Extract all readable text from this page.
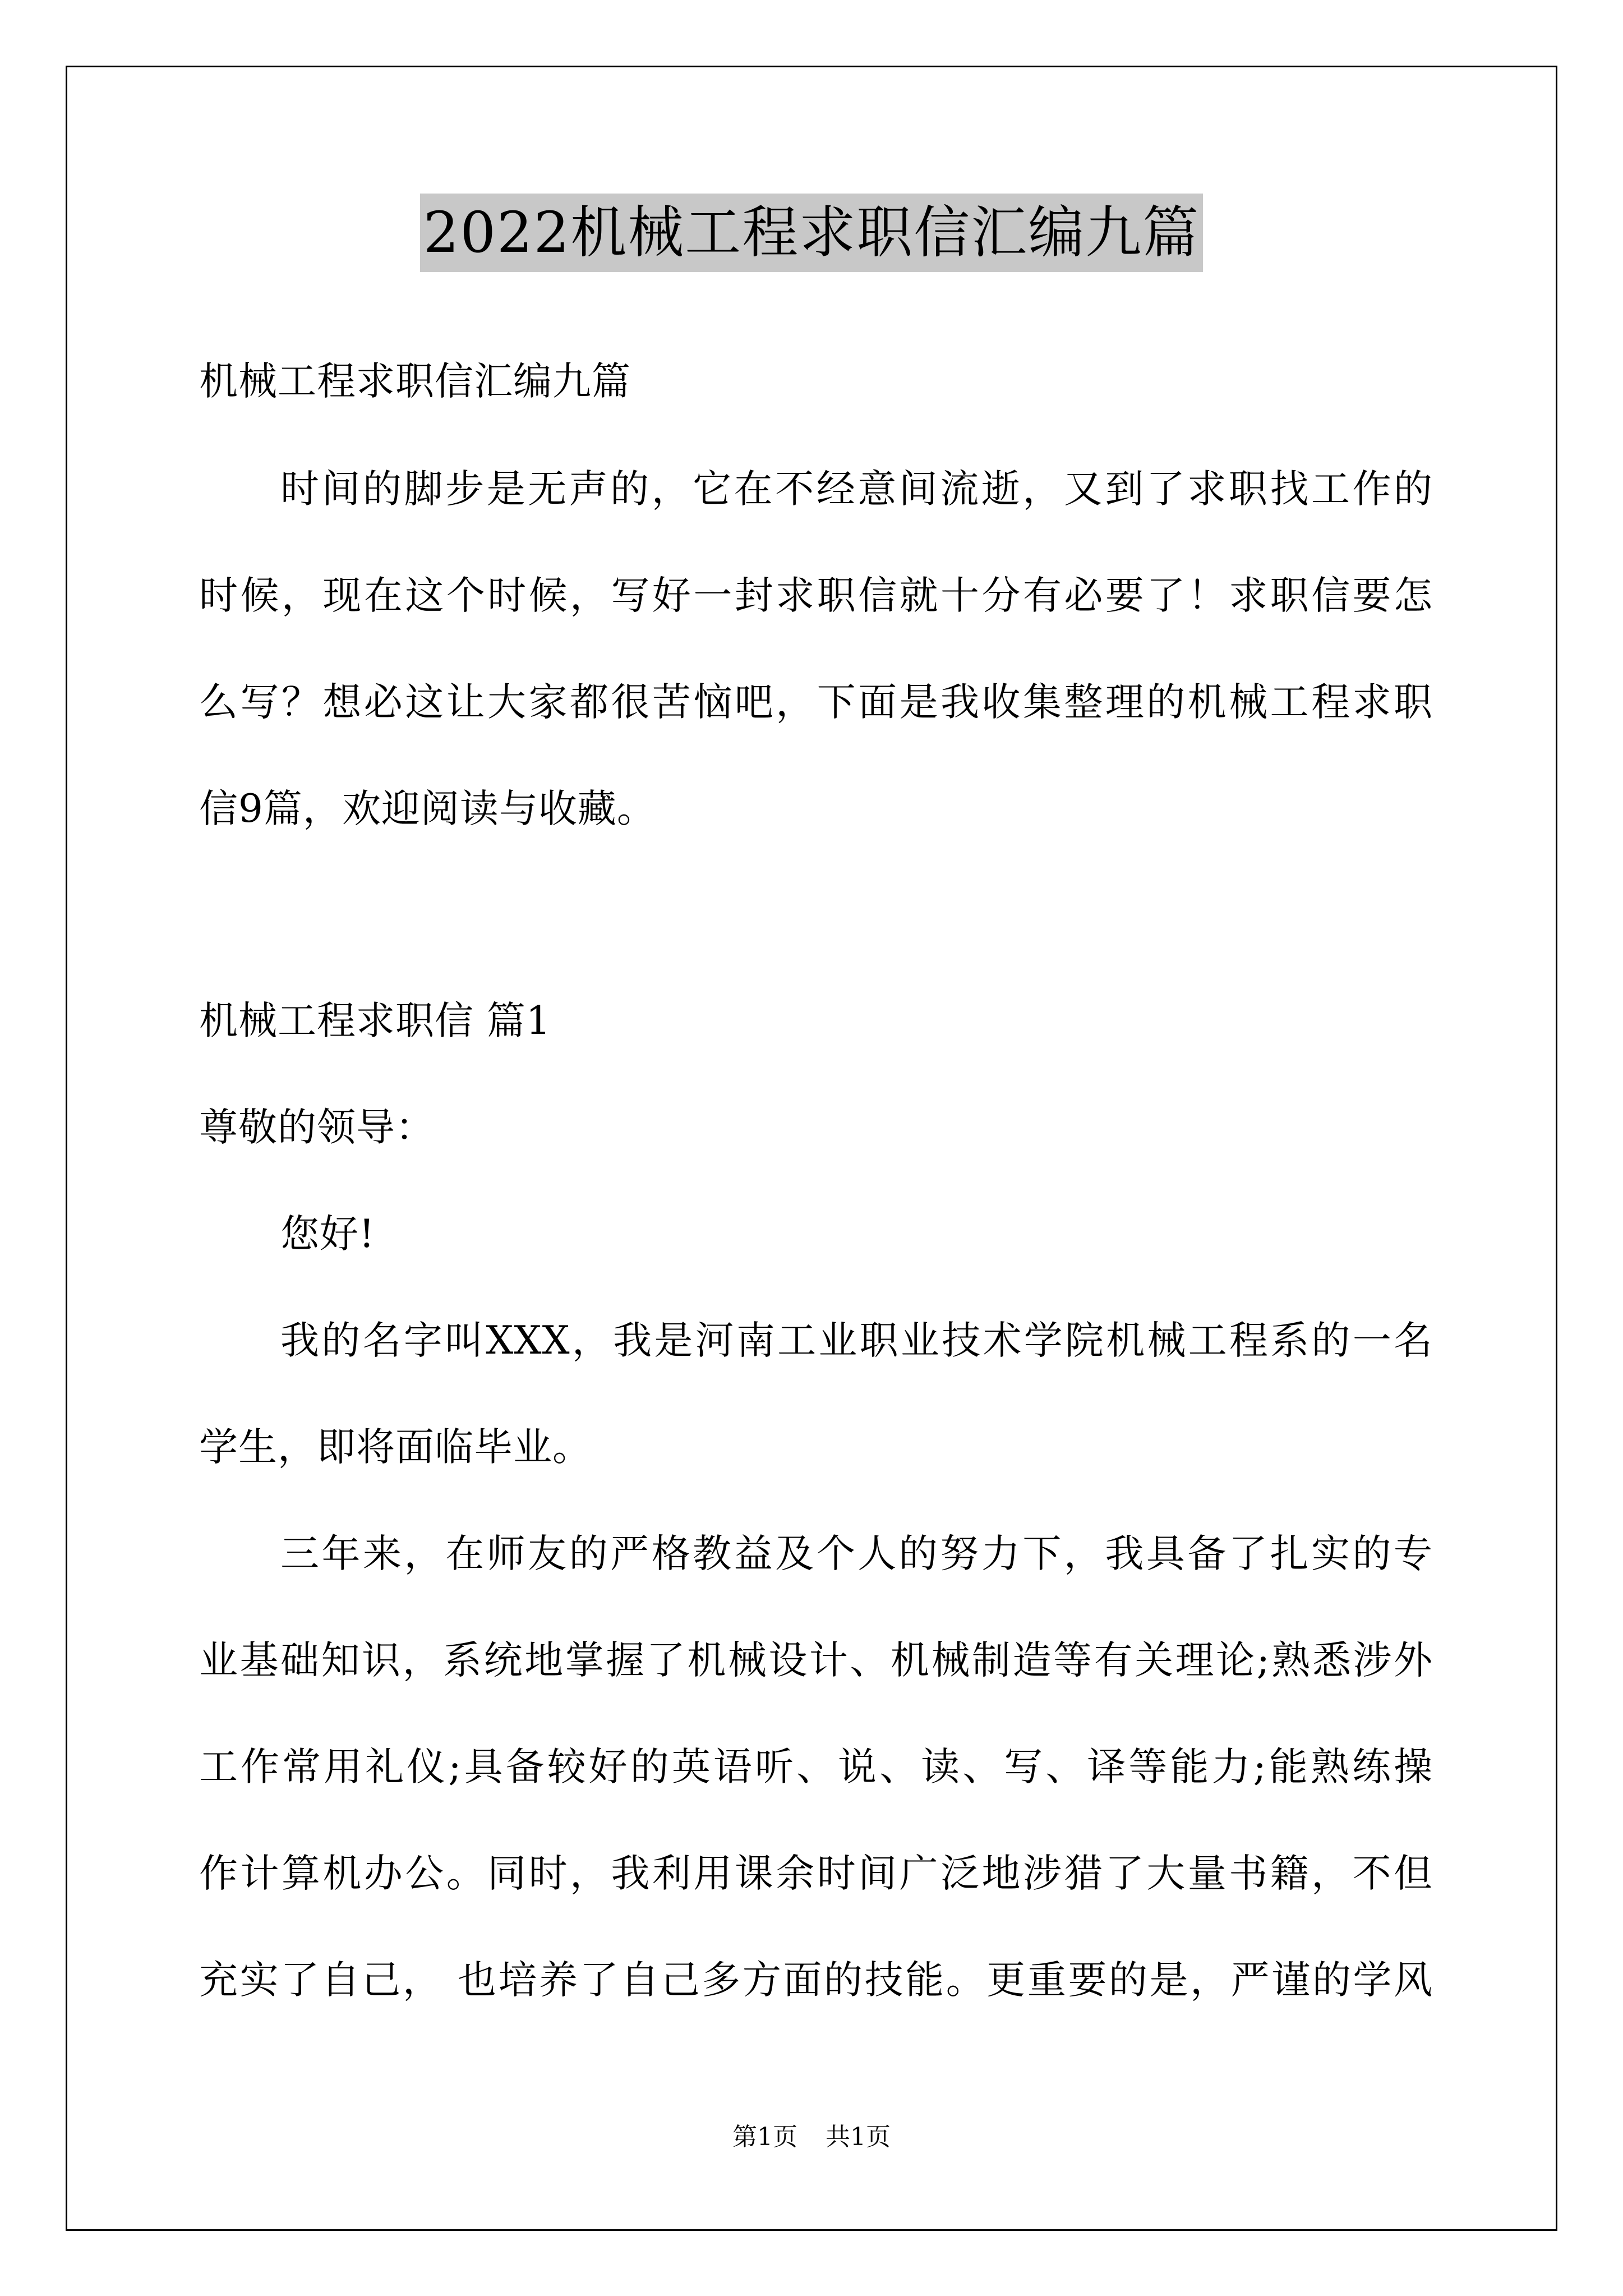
2022机械工程求职信汇编九篇
机械工程求职信汇编九篇
时间的脚步是无声的，它在不经意间流逝，又到了求职找工作的
时候，现在这个时候，写好一封求职信就十分有必要了！求职信要怎
么写？想必这让大家都很苦恼吧，下面是我收集整理的机械工程求职
信9篇，欢迎阅读与收藏。
机械工程求职信 篇1
尊敬的领导：
您好!
我的名字叫XXX，我是河南工业职业技术学院机械工程系的一名
学生，即将面临毕业。
三年来，在师友的严格教益及个人的努力下，我具备了扎实的专
业基础知识，系统地掌握了机械设计、机械制造等有关理论;熟悉涉外
工作常用礼仪;具备较好的英语听、说、读、写、译等能力;能熟练操
作计算机办公。同时，我利用课余时间广泛地涉猎了大量书籍，不但
充实了自己， 也培养了自己多方面的技能。更重要的是，严谨的学风
第1页 共1页
